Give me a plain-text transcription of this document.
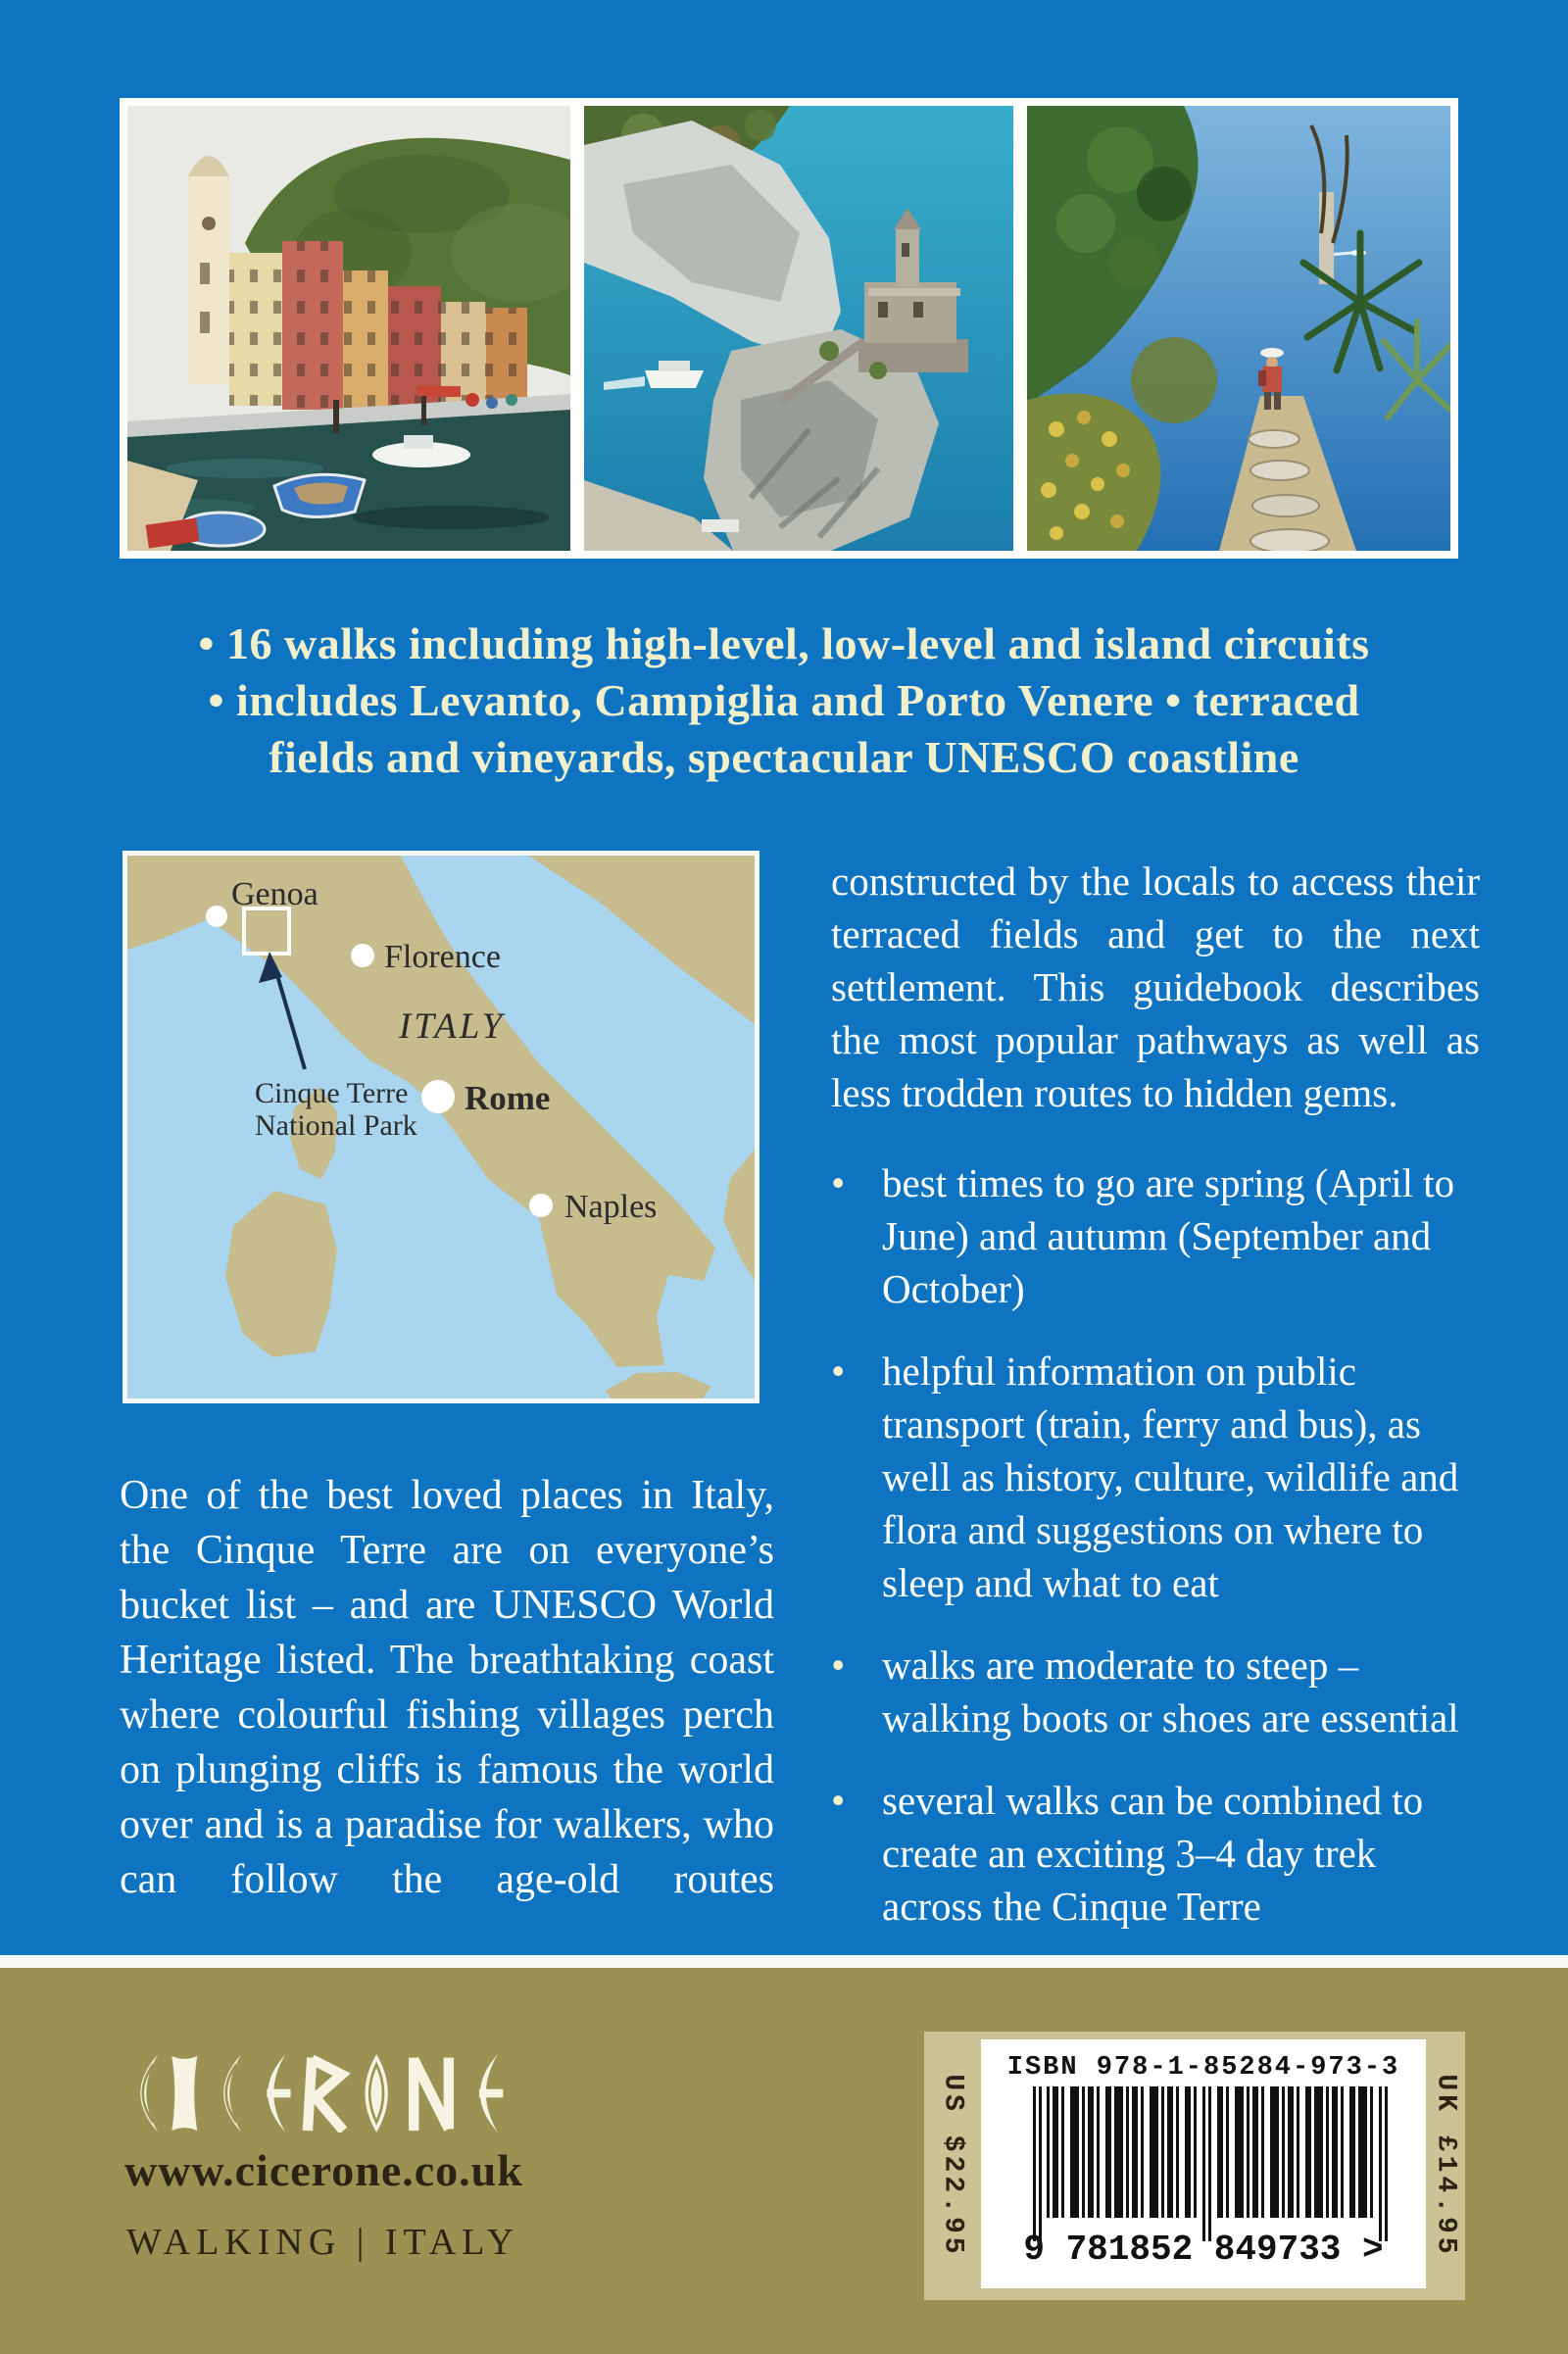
• 16 walks including high-level, low-level and island circuits
• includes Levanto, Campiglia and Porto Venere • terraced
fields and vineyards, spectacular UNESCO coastline
Genoa
Florence
ITALY
Cinque Terre
National Park
Rome
Naples
One of the best loved places in Italy, the Cinque Terre are on everyone’s bucket list – and are UNESCO World Heritage listed. The breathtaking coast where colourful fishing villages perch on plunging cliffs is famous the world over and is a paradise for walkers, who can follow the age-old routes
constructed by the locals to access their terraced fields and get to the next settlement. This guidebook describes the most popular pathways as well as less trodden routes to hidden gems.
• best times to go are spring (April to June) and autumn (September and October)
• helpful information on public transport (train, ferry and bus), as well as history, culture, wildlife and flora and suggestions on where to sleep and what to eat
• walks are moderate to steep – walking boots or shoes are essential
• several walks can be combined to create an exciting 3–4 day trek across the Cinque Terre
www.cicerone.co.uk
WALKING | ITALY	US $22.95	UK £14.95
ISBN 978-1-85284-973-3
9 781852 849733 >
